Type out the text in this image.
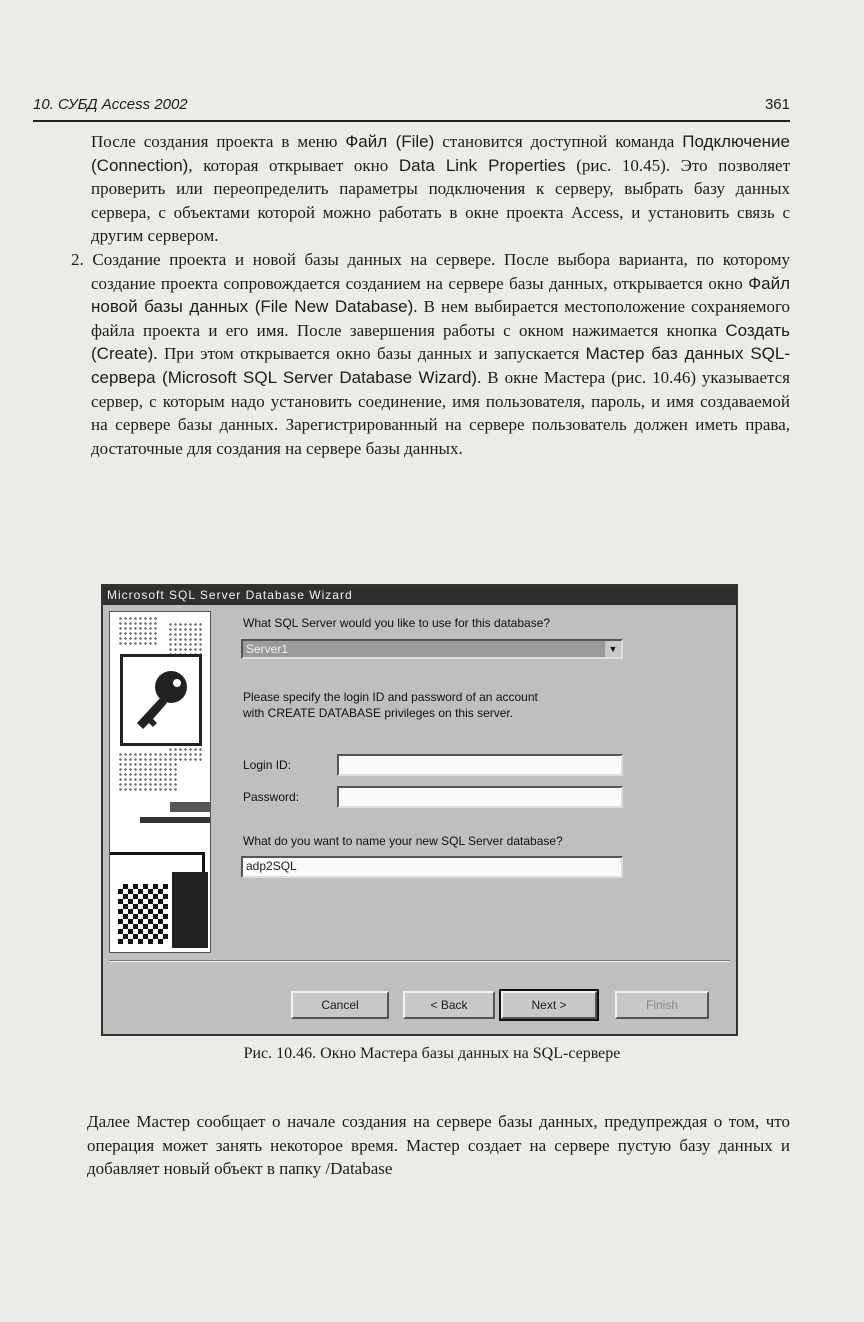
10. СУБД Access 2002	361

После создания проекта в меню Файл (File) становится доступной команда Подключение (Connection), которая открывает окно Data Link Properties (рис. 10.45). Это позволяет проверить или переопределить параметры подключения к серверу, выбрать базу данных сервера, с объектами которой можно работать в окне проекта Access, и установить связь с другим сервером.

2. Создание проекта и новой базы данных на сервере. После выбора варианта, по которому создание проекта сопровождается созданием на сервере базы данных, открывается окно Файл новой базы данных (File New Database). В нем выбирается местоположение сохраняемого файла проекта и его имя. После завершения работы с окном нажимается кнопка Создать (Create). При этом открывается окно базы данных и запускается Мастер баз данных SQL-сервера (Microsoft SQL Server Database Wizard). В окне Мастера (рис. 10.46) указывается сервер, с которым надо установить соединение, имя пользователя, пароль, и имя создаваемой на сервере базы данных. Зарегистрированный на сервере пользователь должен иметь права, достаточные для создания на сервере базы данных.

Microsoft SQL Server Database Wizard
What SQL Server would you like to use for this database?
Server1	▼
Please specify the login ID and password of an account
with CREATE DATABASE privileges on this server.
Login ID:
Password:
What do you want to name your new SQL Server database?
adp2SQL
Cancel	< Back	Next >	Finish
Рис. 10.46. Окно Мастера базы данных на SQL-сервере

Далее Мастер сообщает о начале создания на сервере базы данных, предупреждая о том, что операция может занять некоторое время. Мастер создает на сервере пустую базу данных и добавляет новый объект в папку /Database
